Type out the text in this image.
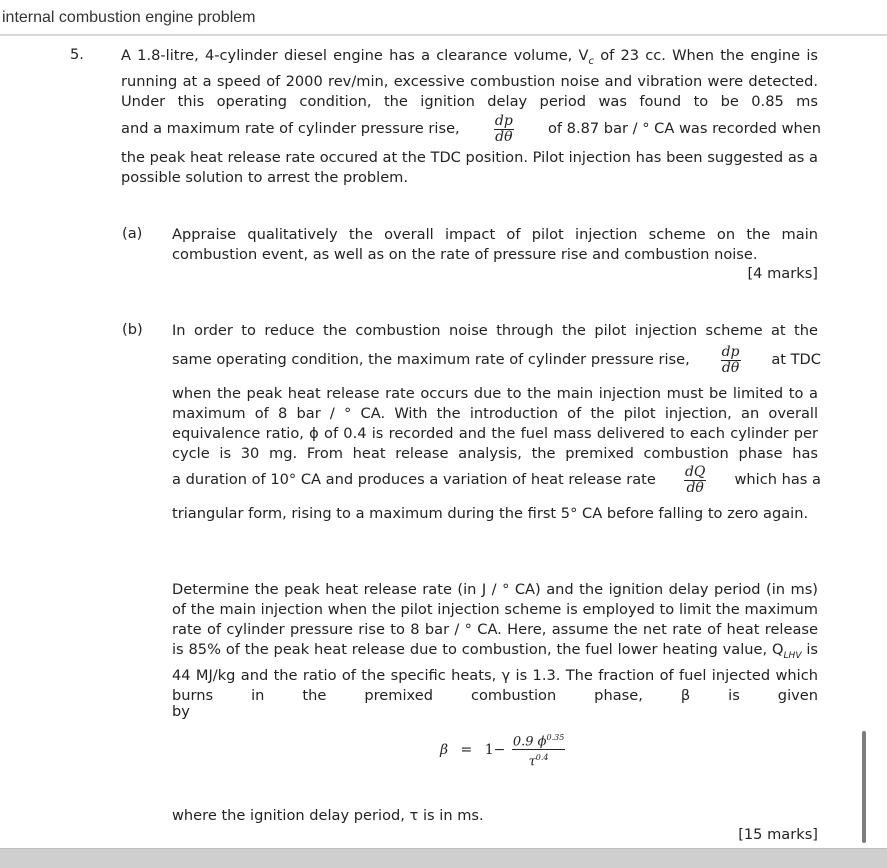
internal combustion engine problem
5.	A 1.8-litre, 4-cylinder diesel engine has a clearance volume, $V_c$ of 23 cc. When the engine is running at a speed of 2000 rev/min, excessive combustion noise and vibration were detected. Under this operating condition, the ignition delay period was found to be 0.85 ms
and a maximum rate of cylinder pressure rise, $\frac{dp}{d\theta}$ of 8.87 bar / ° CA was recorded when
the peak heat release rate occured at the TDC position. Pilot injection has been suggested as a possible solution to arrest the problem.
(a) Appraise qualitatively the overall impact of pilot injection scheme on the main combustion event, as well as on the rate of pressure rise and combustion noise.
[4 marks]
(b) In order to reduce the combustion noise through the pilot injection scheme at the
same operating condition, the maximum rate of cylinder pressure rise, $\frac{dp}{d\theta}$ at TDC
when the peak heat release rate occurs due to the main injection must be limited to a maximum of 8 bar / ° CA. With the introduction of the pilot injection, an overall equivalence ratio, ϕ of 0.4 is recorded and the fuel mass delivered to each cylinder per cycle is 30 mg. From heat release analysis, the premixed combustion phase has
a duration of 10° CA and produces a variation of heat release rate $\frac{dQ}{d\theta}$ which has a
triangular form, rising to a maximum during the first 5° CA before falling to zero again.
Determine the peak heat release rate (in J / ° CA) and the ignition delay period (in ms) of the main injection when the pilot injection scheme is employed to limit the maximum rate of cylinder pressure rise to 8 bar / ° CA. Here, assume the net rate of heat release is 85% of the peak heat release due to combustion, the fuel lower heating value, $Q_{LHV}$ is 44 MJ/kg and the ratio of the specific heats, γ is 1.3. The fraction of fuel injected which burns in the premixed combustion phase, β is given
by
$\beta = 1- \frac{0.9 \phi^{0.35}}{\tau^{0.4}}$
where the ignition delay period, τ is in ms.
[15 marks]
